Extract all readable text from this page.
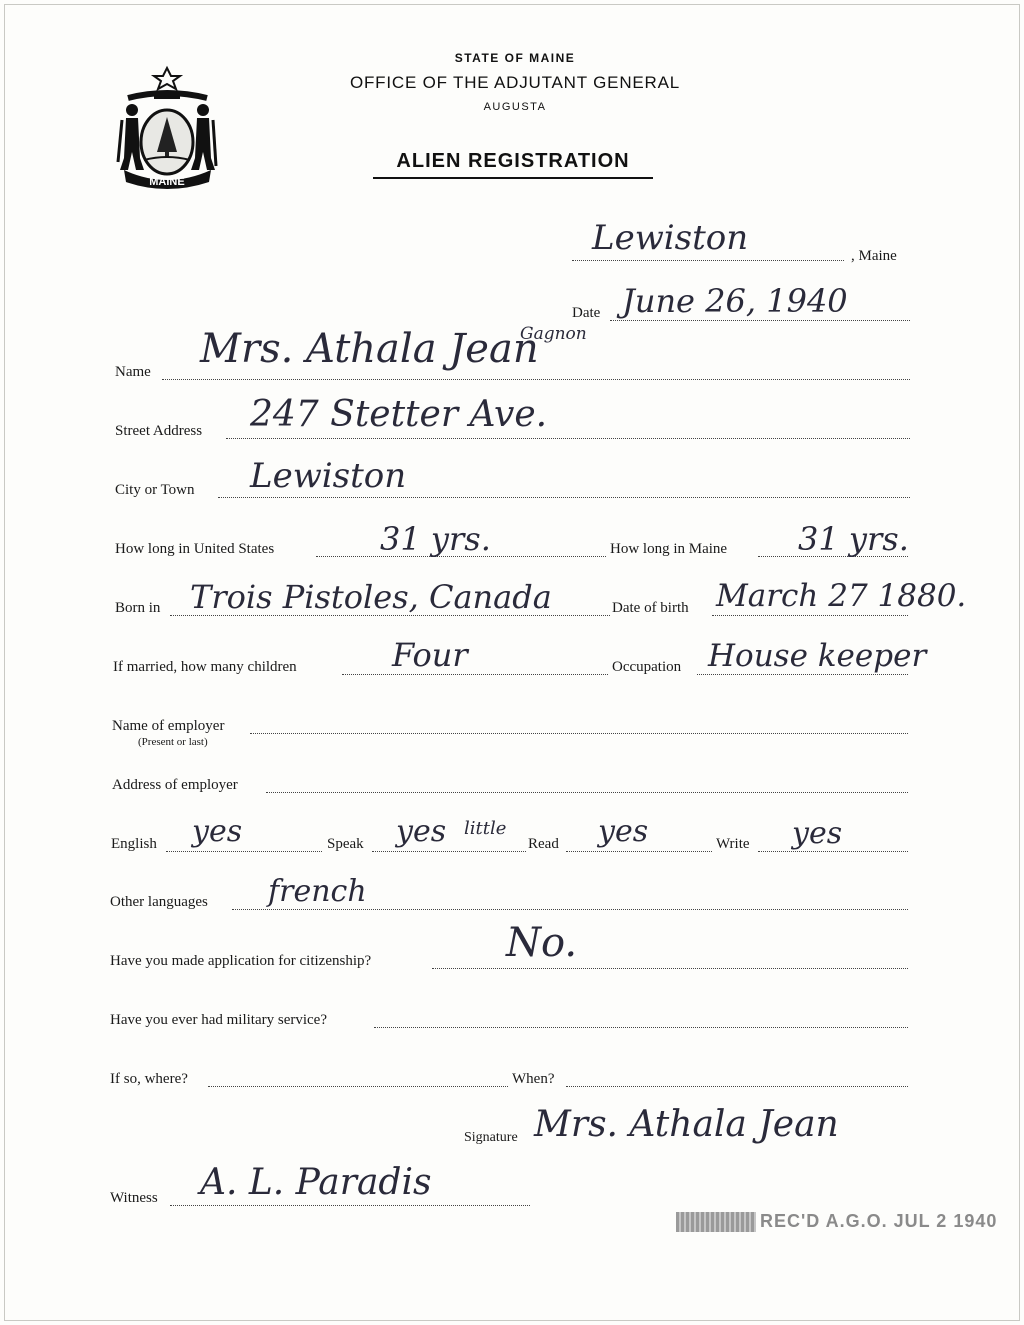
MAINE
STATE OF MAINE
OFFICE OF THE ADJUTANT GENERAL
AUGUSTA
ALIEN REGISTRATION
Lewiston	, Maine
Date June 26, 1940
Name Mrs. Athala Jean
Gagnon
Street Address 247 Stetter Ave.
City or Town Lewiston
How long in United States	31 yrs.	How long in Maine 31 yrs.
Born in Trois Pistoles, Canada	Date of birth March 27 1880.
If married, how many children	Four	Occupation House keeper
Name of employer
(Present or last)
Address of employer
English yes	Speak yes little
Read yes	Write yes
Other languages french
Have you made application for citizenship?	No.
Have you ever had military service?
If so, where?	When?
Signature Mrs. Athala Jean
Witness A. L. Paradis
REC'D A.G.O. JUL 2 1940
